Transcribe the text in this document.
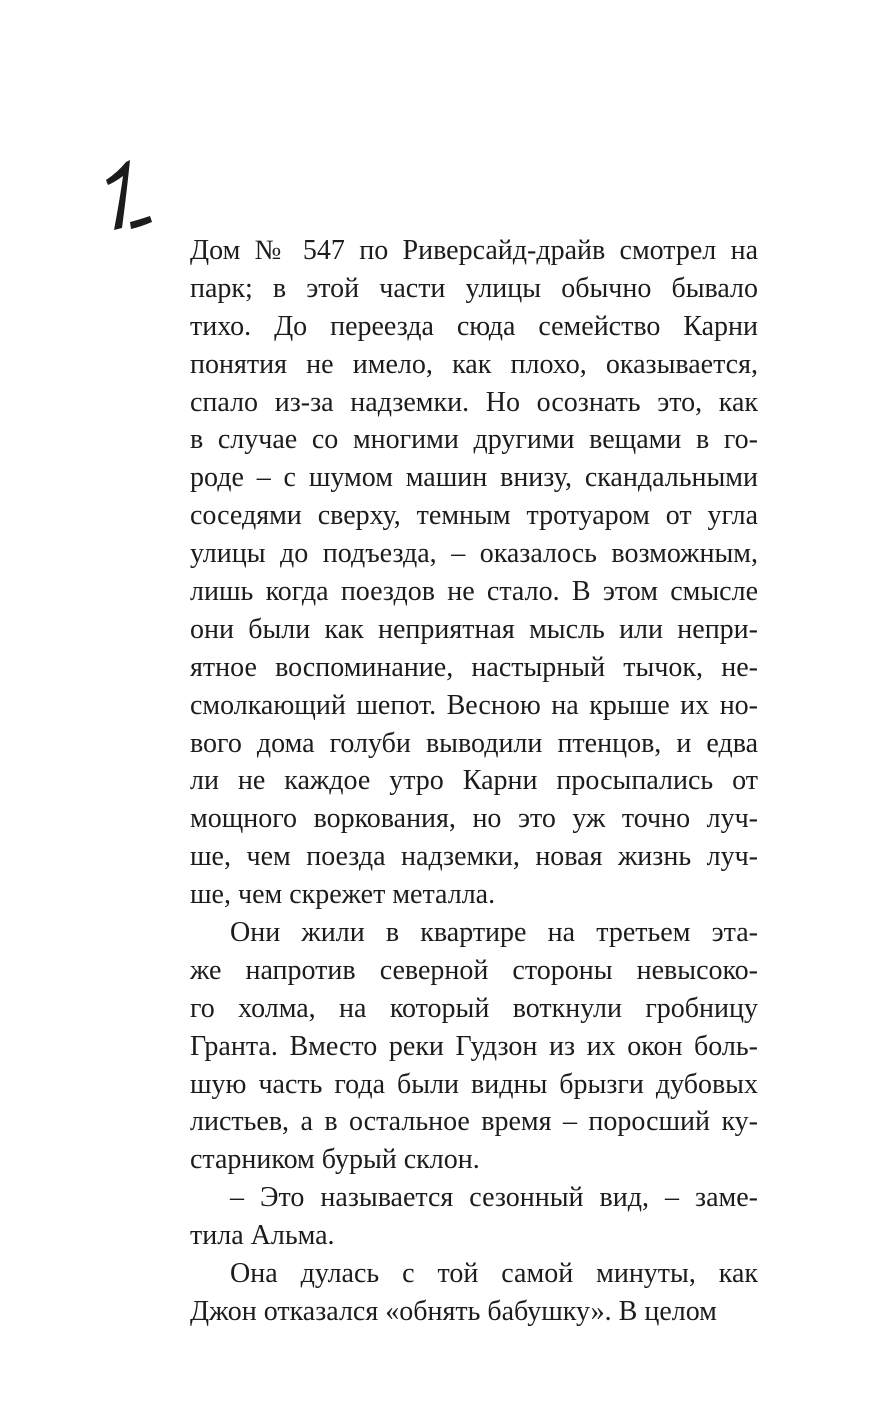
Дом № 547 по Риверсайд-драйв смотрел на
парк; в этой части улицы обычно бывало
тихо. До переезда сюда семейство Карни
понятия не имело, как плохо, оказывается,
спало из-за надземки. Но осознать это, как
в случае со многими другими вещами в го-
роде – с шумом машин внизу, скандальными
соседями сверху, темным тротуаром от угла
улицы до подъезда, – оказалось возможным,
лишь когда поездов не стало. В этом смысле
они были как неприятная мысль или непри-
ятное воспоминание, настырный тычок, не-
смолкающий шепот. Весною на крыше их но-
вого дома голуби выводили птенцов, и едва
ли не каждое утро Карни просыпались от
мощного воркования, но это уж точно луч-
ше, чем поезда надземки, новая жизнь луч-
ше, чем скрежет металла.
Они жили в квартире на третьем эта-
же напротив северной стороны невысоко-
го холма, на который воткнули гробницу
Гранта. Вместо реки Гудзон из их окон боль-
шую часть года были видны брызги дубовых
листьев, а в остальное время – поросший ку-
старником бурый склон.
– Это называется сезонный вид, – заме-
тила Альма.
Она дулась с той самой минуты, как
Джон отказался «обнять бабушку». В целом
